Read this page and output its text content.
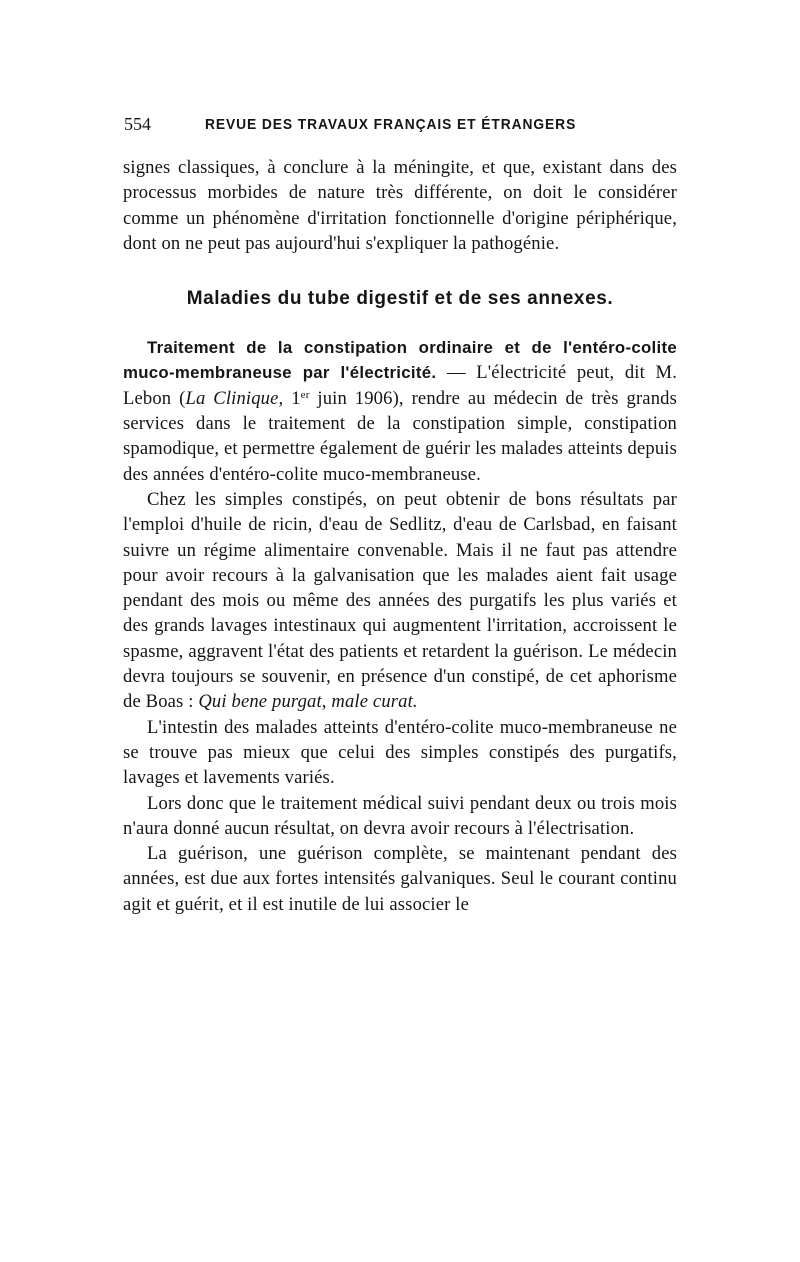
554	REVUE DES TRAVAUX FRANÇAIS ET ÉTRANGERS

signes classiques, à conclure à la méningite, et que, existant dans des processus morbides de nature très différente, on doit le considérer comme un phénomène d'irritation fonctionnelle d'origine périphérique, dont on ne peut pas aujourd'hui s'expliquer la pathogénie.

Maladies du tube digestif et de ses annexes.

Traitement de la constipation ordinaire et de l'entéro-colite muco-membraneuse par l'électricité. — L'électricité peut, dit M. Lebon (La Clinique, 1er juin 1906), rendre au médecin de très grands services dans le traitement de la constipation simple, constipation spamodique, et permettre également de guérir les malades atteints depuis des années d'entéro-colite muco-membraneuse.

Chez les simples constipés, on peut obtenir de bons résultats par l'emploi d'huile de ricin, d'eau de Sedlitz, d'eau de Carlsbad, en faisant suivre un régime alimentaire convenable. Mais il ne faut pas attendre pour avoir recours à la galvanisation que les malades aient fait usage pendant des mois ou même des années des purgatifs les plus variés et des grands lavages intestinaux qui augmentent l'irritation, accroissent le spasme, aggravent l'état des patients et retardent la guérison. Le médecin devra toujours se souvenir, en présence d'un constipé, de cet aphorisme de Boas : Qui bene purgat, male curat.

L'intestin des malades atteints d'entéro-colite muco-membraneuse ne se trouve pas mieux que celui des simples constipés des purgatifs, lavages et lavements variés.

Lors donc que le traitement médical suivi pendant deux ou trois mois n'aura donné aucun résultat, on devra avoir recours à l'électrisation.

La guérison, une guérison complète, se maintenant pendant des années, est due aux fortes intensités galvaniques. Seul le courant continu agit et guérit, et il est inutile de lui associer le
